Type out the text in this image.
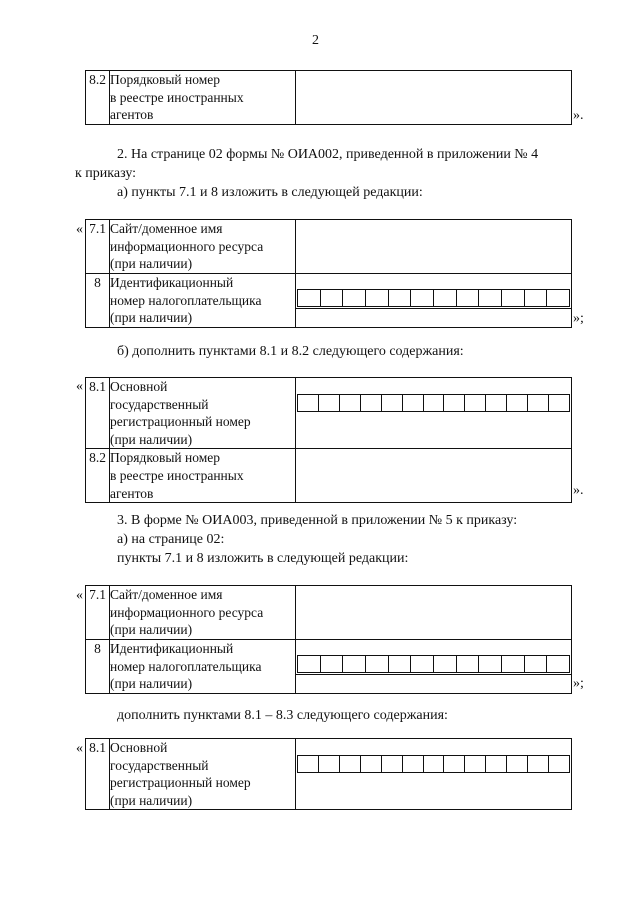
2
8.2	Порядковый номер
в реестре иностранных
агентов
		».
2. На странице 02 формы № ОИА002, приведенной в приложении № 4
к приказу:
а) пункты 7.1 и 8 изложить в следующей редакции:
« 7.1	Сайт/доменное имя
информационного ресурса
(при наличии)	

8	Идентификационный
номер налогоплательщика
(при наличии)	
		»;
б) дополнить пунктами 8.1 и 8.2 следующего содержания:
« 8.1	Основной
государственный
регистрационный номер
(при наличии)	

8.2	Порядковый номер
в реестре иностранных
агентов	
		».
3. В форме № ОИА003, приведенной в приложении № 5 к приказу:
а) на странице 02:
пункты 7.1 и 8 изложить в следующей редакции:
« 7.1	Сайт/доменное имя
информационного ресурса
(при наличии)	

8	Идентификационный
номер налогоплательщика
(при наличии)	
		»;
дополнить пунктами 8.1 – 8.3 следующего содержания:
« 8.1	Основной
государственный
регистрационный номер
(при наличии)
